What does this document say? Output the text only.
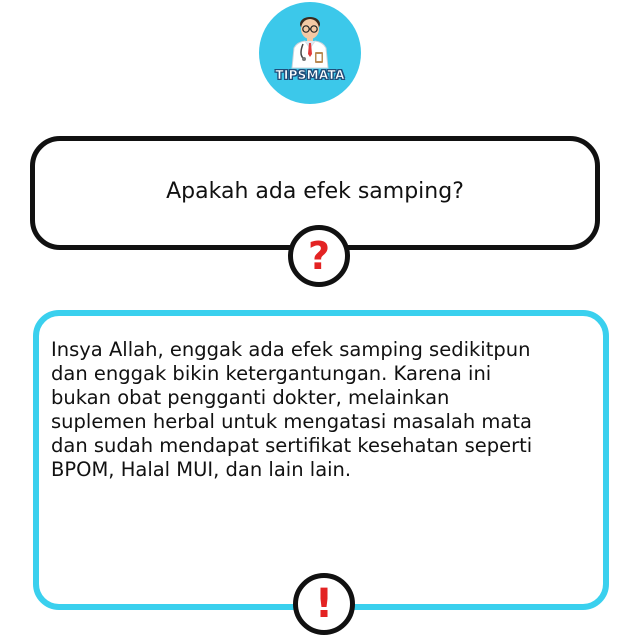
TIPSMATA
Apakah ada efek samping?
?

Insya Allah, enggak ada efek samping sedikitpun
dan enggak bikin ketergantungan. Karena ini
bukan obat pengganti dokter, melainkan
suplemen herbal untuk mengatasi masalah mata
dan sudah mendapat sertifikat kesehatan seperti
BPOM, Halal MUI, dan lain lain.

!
